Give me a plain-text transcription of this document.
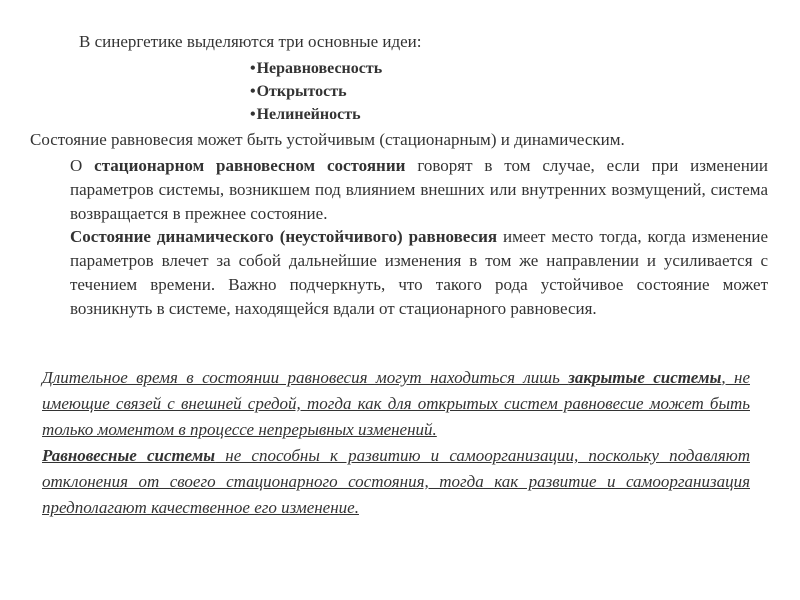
В синергетике выделяются три основные идеи:
•Неравновесность
•Открытость
•Нелинейность
Состояние равновесия может быть устойчивым (стационарным) и динамическим.

О стационарном равновесном состоянии говорят в том случае, если при изменении параметров системы, возникшем под влиянием внешних или внутренних возмущений, система возвращается в прежнее состояние.

Состояние динамического (неустойчивого) равновесия имеет место тогда, когда изменение параметров влечет за собой дальнейшие изменения в том же направлении и усиливается с течением времени. Важно подчеркнуть, что такого рода устойчивое состояние может возникнуть в системе, находящейся вдали от стационарного равновесия.

Длительное время в состоянии равновесия могут находиться лишь закрытые системы, не имеющие связей с внешней средой, тогда как для открытых систем равновесие может быть только моментом в процессе непрерывных изменений.

Равновесные системы не способны к развитию и самоорганизации, поскольку подавляют отклонения от своего стационарного состояния, тогда как развитие и самоорганизация предполагают качественное его изменение.
